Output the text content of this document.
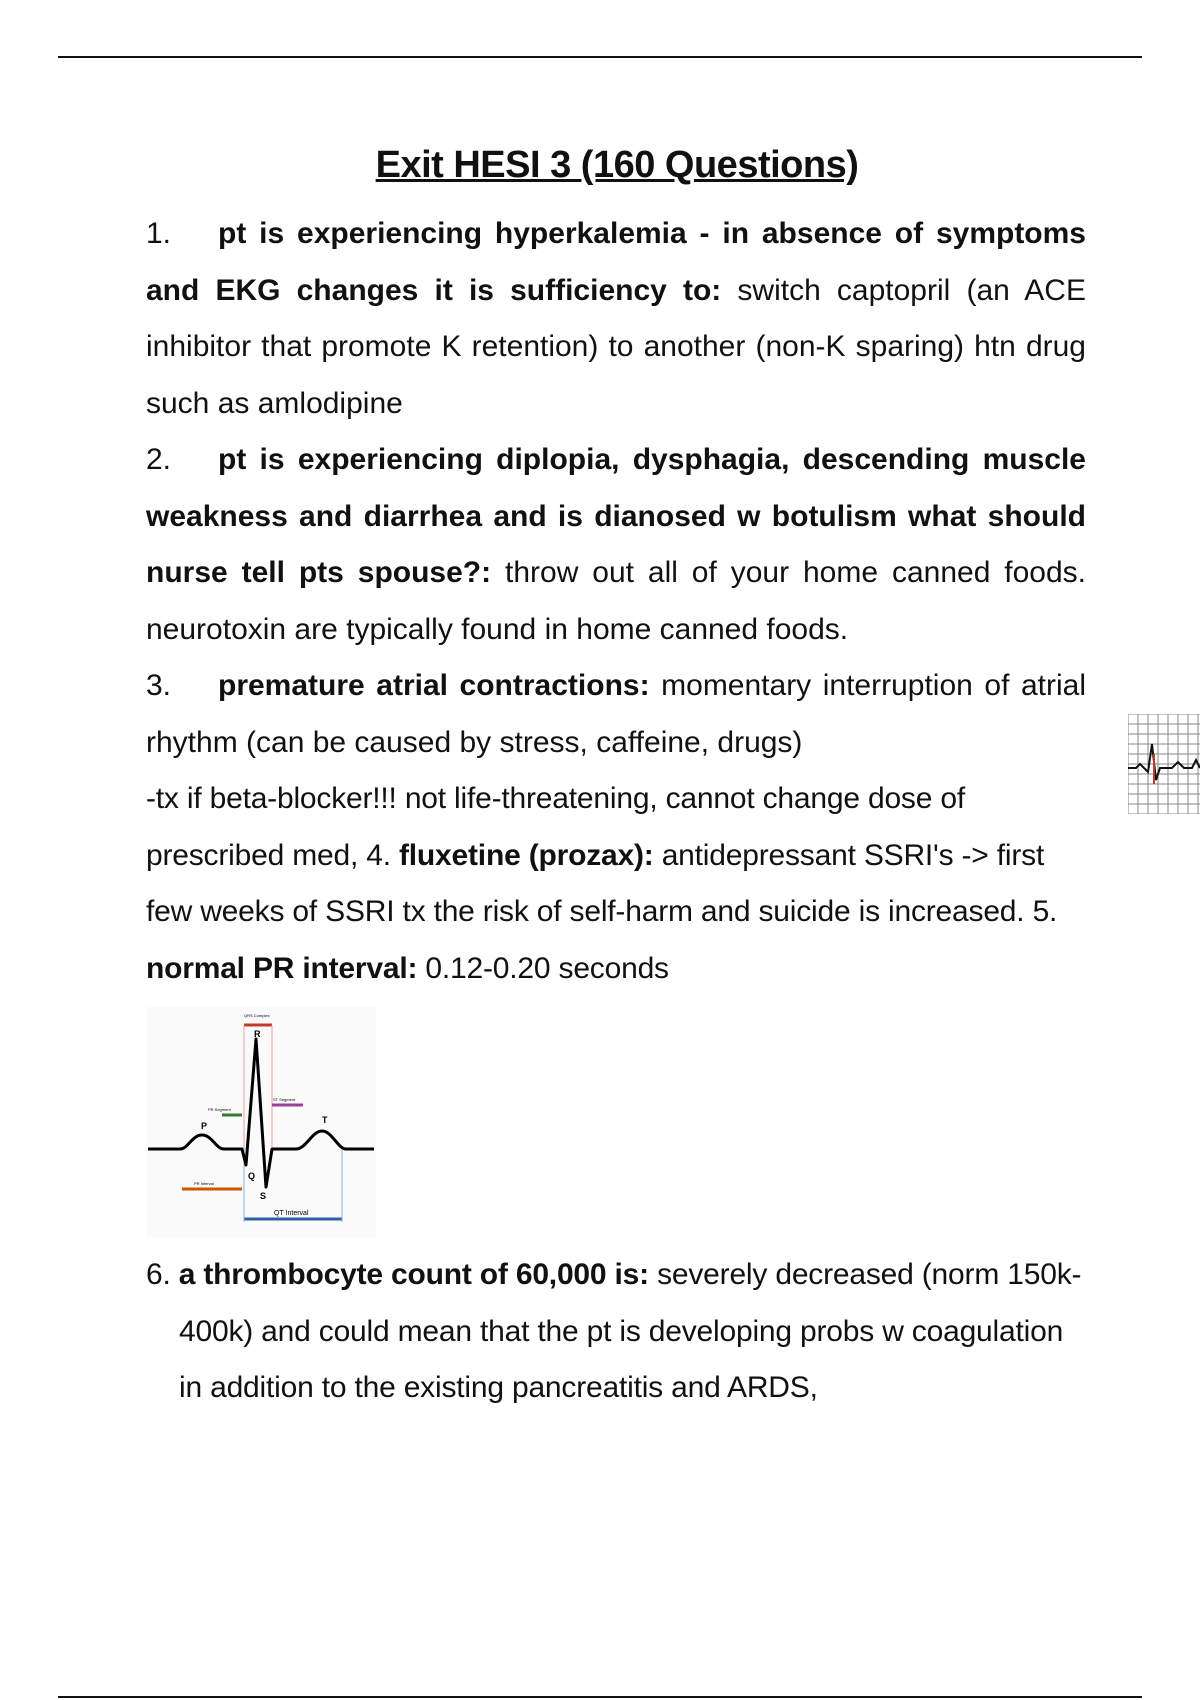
Exit HESI 3 (160 Questions)

1. pt is experiencing hyperkalemia - in absence of symptoms and EKG changes it is sufficiency to: switch captopril (an ACE inhibitor that promote K retention) to another (non-K sparing) htn drug such as amlodipine

2. pt is experiencing diplopia, dysphagia, descending muscle weakness and diarrhea and is dianosed w botulism what should nurse tell pts spouse?: throw out all of your home canned foods. neurotoxin are typically found in home canned foods.

3. premature atrial contractions: momentary interruption of atrial rhythm (can be caused by stress, caffeine, drugs)

-tx if beta-blocker!!! not life-threatening, cannot change dose of prescribed med, 4. fluxetine (prozax): antidepressant SSRI's -> first few weeks of SSRI tx the risk of self-harm and suicide is increased. 5. normal PR interval: 0.12-0.20 seconds

P
Q
R
S
T
QRS Complex
PR Segment
ST Segment
PR Interval
QT Interval

6. a thrombocyte count of 60,000 is: severely decreased (norm 150k-400k) and could mean that the pt is developing probs w coagulation in addition to the existing pancreatitis and ARDS,
